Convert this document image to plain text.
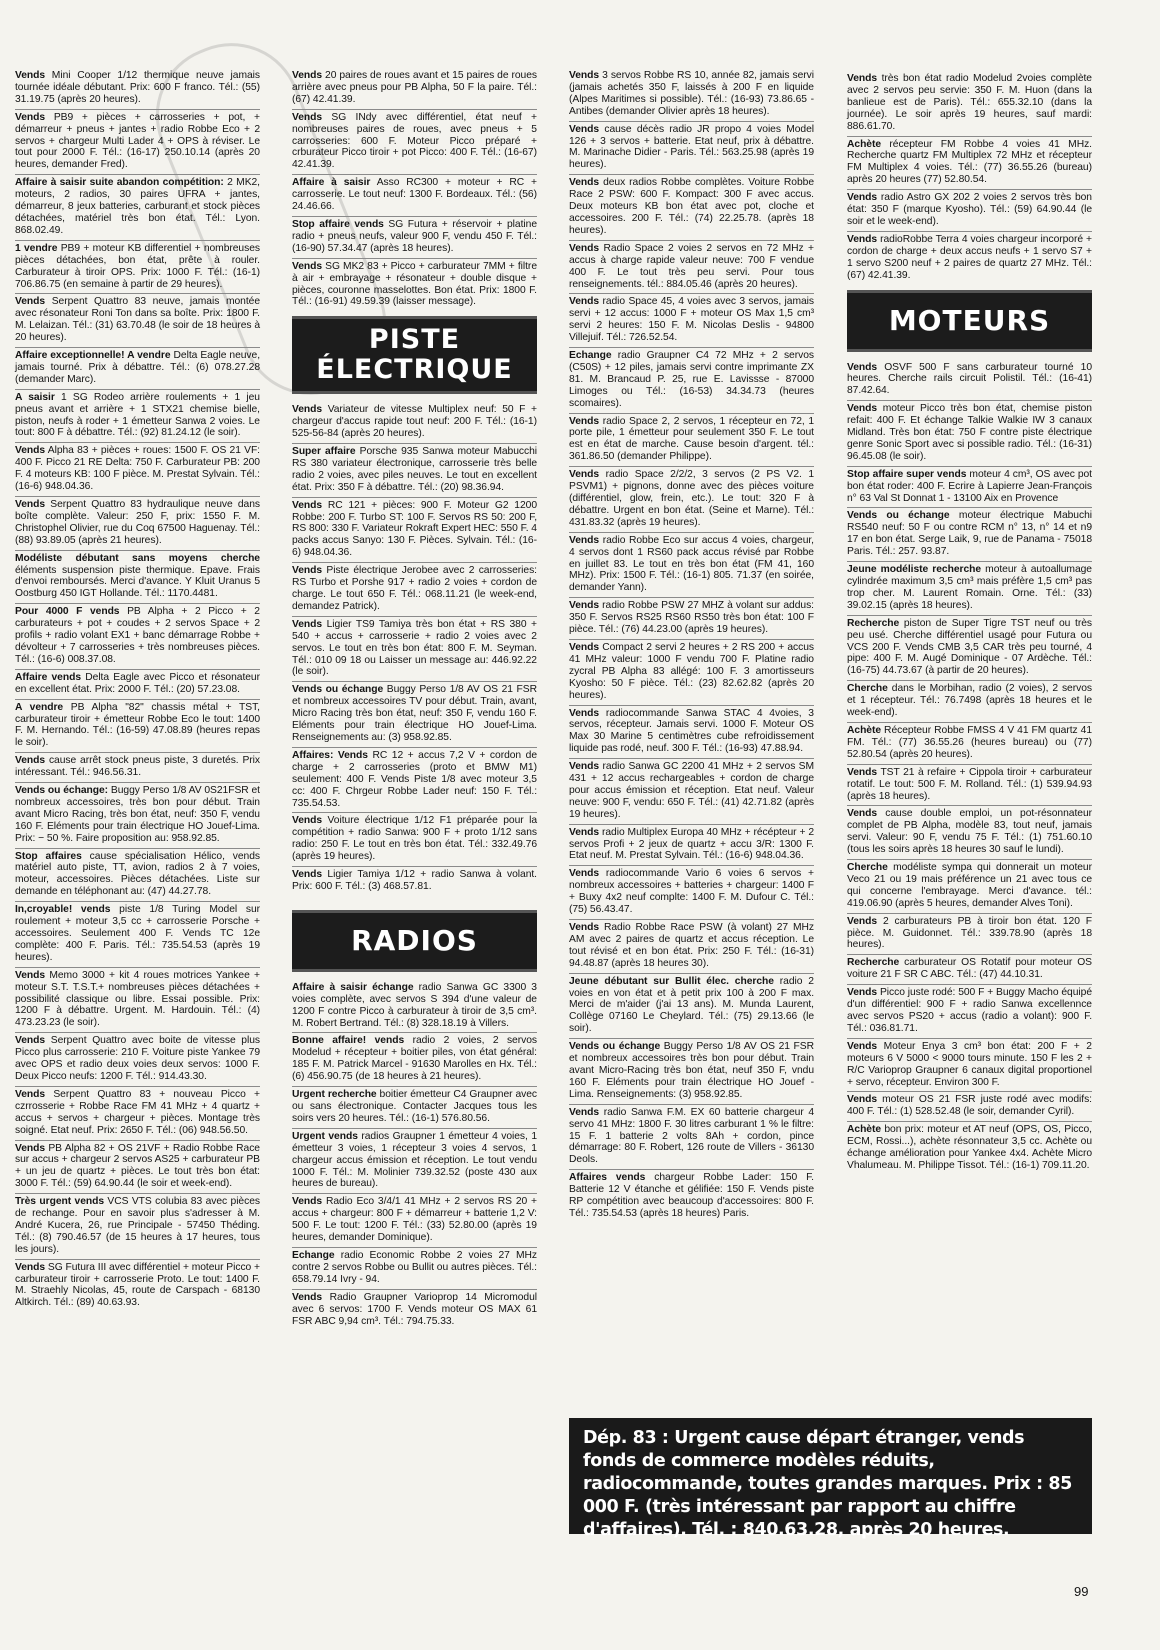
Vends Mini Cooper 1/12 thermique neuve jamais tournée idéale débutant. Prix: 600 F franco. Tél.: (55) 31.19.75 (après 20 heures).

Vends PB9 + pièces + carrosseries + pot, + démarreur + pneus + jantes + radio Robbe Eco + 2 servos + chargeur Multi Lader 4 + OPS à réviser. Le tout pour 2000 F. Tél.: (16-17) 250.10.14 (après 20 heures, demander Fred).

Affaire à saisir suite abandon compétition: 2 MK2, moteurs, 2 radios, 30 paires UFRA + jantes, démarreur, 8 jeux batteries, carburant et stock pièces détachées, matériel très bon état. Tél.: Lyon. 868.02.49.

1 vendre PB9 + moteur KB differentiel + nombreuses pièces détachées, bon état, prête à rouler. Carburateur à tiroir OPS. Prix: 1000 F. Tél.: (16-1) 706.86.75 (en semaine à partir de 29 heures).

Vends Serpent Quattro 83 neuve, jamais montée avec résonateur Roni Ton dans sa boîte. Prix: 1800 F. M. Lelaizan. Tél.: (31) 63.70.48 (le soir de 18 heures à 20 heures).

Affaire exceptionnelle! A vendre Delta Eagle neuve, jamais tourné. Prix à débattre. Tél.: (6) 078.27.28 (demander Marc).

A saisir 1 SG Rodeo arrière roulements + 1 jeu pneus avant et arrière + 1 STX21 chemise bielle, piston, neufs à roder + 1 émetteur Sanwa 2 voies. Le tout: 800 F à débattre. Tél.: (92) 81.24.12 (le soir).

Vends Alpha 83 + pièces + roues: 1500 F. OS 21 VF: 400 F. Picco 21 RE Delta: 750 F. Carburateur PB: 200 F. 4 moteurs KB: 100 F pièce. M. Prestat Sylvain. Tél.: (16-6) 948.04.36.

Vends Serpent Quattro 83 hydraulique neuve dans boîte complète. Valeur: 250 F, prix: 1550 F. M. Christophel Olivier, rue du Coq 67500 Haguenay. Tél.: (88) 93.89.05 (après 21 heures).

Modéliste débutant sans moyens cherche éléments suspension piste thermique. Epave. Frais d'envoi remboursés. Merci d'avance. Y Kluit Uranus 5 Oostburg 450 IGT Hollande. Tél.: 1170.4481.

Pour 4000 F vends PB Alpha + 2 Picco + 2 carburateurs + pot + coudes + 2 servos Space + 2 profils + radio volant EX1 + banc démarrage Robbe + dévolteur + 7 carrosseries + très nombreuses pièces. Tél.: (16-6) 008.37.08.

Affaire vends Delta Eagle avec Picco et résonateur en excellent état. Prix: 2000 F. Tél.: (20) 57.23.08.

A vendre PB Alpha "82" chassis métal + TST, carburateur tiroir + émetteur Robbe Eco le tout: 1400 F. M. Hernando. Tél.: (16-59) 47.08.89 (heures repas le soir).

Vends cause arrêt stock pneus piste, 3 duretés. Prix intéressant. Tél.: 946.56.31.

Vends ou échange: Buggy Perso 1/8 AV 0S21FSR et nombreux accessoires, très bon pour début. Train avant Micro Racing, très bon état, neuf: 350 F, vendu 160 F. Eléments pour train électrique HO Jouef-Lima. Prix: − 50 %. Faire proposition au: 958.92.85.

Stop affaires cause spécialisation Hélico, vends matériel auto piste, TT, avion, radios 2 à 7 voies, moteur, accessoires. Pièces détachées. Liste sur demande en téléphonant au: (47) 44.27.78.

In,croyable! vends piste 1/8 Turing Model sur roulement + moteur 3,5 cc + carrosserie Porsche + accessoires. Seulement 400 F. Vends TC 12e complète: 400 F. Paris. Tél.: 735.54.53 (après 19 heures).

Vends Memo 3000 + kit 4 roues motrices Yankee + moteur S.T. T.S.T.+ nombreuses pièces détachées + possibilité classique ou libre. Essai possible. Prix: 1200 F à débattre. Urgent. M. Hardouin. Tél.: (4) 473.23.23 (le soir).

Vends Serpent Quattro avec boite de vitesse plus Picco plus carrosserie: 210 F. Voiture piste Yankee 79 avec OPS et radio deux voies deux servos: 1000 F. Deux Picco neufs: 1200 F. Tél.: 914.43.30.

Vends Serpent Quattro 83 + nouveau Picco + czrrosserie + Robbe Race FM 41 MHz + 4 quartz + accus + servos + chargeur + pièces. Montage très soigné. Etat neuf. Prix: 2650 F. Tél.: (06) 948.56.50.

Vends PB Alpha 82 + OS 21VF + Radio Robbe Race sur accus + chargeur 2 servos AS25 + carburateur PB + un jeu de quartz + pièces. Le tout très bon état: 3000 F. Tél.: (59) 64.90.44 (le soir et week-end).

Très urgent vends VCS VTS colubia 83 avec pièces de rechange. Pour en savoir plus s'adresser à M. André Kucera, 26, rue Principale - 57450 Théding. Tél.: (8) 790.46.57 (de 15 heures à 17 heures, tous les jours).

Vends SG Futura III avec différentiel + moteur Picco + carburateur tiroir + carrosserie Proto. Le tout: 1400 F. M. Straehly Nicolas, 45, route de Carspach - 68130 Altkirch. Tél.: (89) 40.63.93.

Vends 20 paires de roues avant et 15 paires de roues arrière avec pneus pour PB Alpha, 50 F la paire. Tél.: (67) 42.41.39.

Vends SG INdy avec différentiel, état neuf + nombreuses paires de roues, avec pneus + 5 carrosseries: 600 F. Moteur Picco préparé + crburateur Picco tiroir + pot Picco: 400 F. Tél.: (16-67) 42.41.39.

Affaire à saisir Asso RC300 + moteur + RC + carrosserie. Le tout neuf: 1300 F. Bordeaux. Tél.: (56) 24.46.66.

Stop affaire vends SG Futura + réservoir + platine radio + pneus neufs, valeur 900 F, vendu 450 F. Tél.: (16-90) 57.34.47 (après 18 heures).

Vends SG MK2 83 + Picco + carburateur 7MM + filtre à air + embrayage + résonateur + double disque + pièces, couronne masselottes. Bon état. Prix: 1800 F. Tél.: (16-91) 49.59.39 (laisser message).

PISTE ÉLECTRIQUE

Vends Variateur de vitesse Multiplex neuf: 50 F + chargeur d'accus rapide tout neuf: 200 F. Tél.: (16-1) 525-56-84 (après 20 heures).

Super affaire Porsche 935 Sanwa moteur Mabucchi RS 380 variateur électronique, carrosserie très belle radio 2 voies, avec piles neuves. Le tout en excellent état. Prix: 350 F à débattre. Tél.: (20) 98.36.94.

Vends RC 121 + pièces: 900 F. Moteur G2 1200 Robbe: 200 F. Turbo ST: 100 F. Servos RS 50: 200 F, RS 800: 330 F. Variateur Rokraft Expert HEC: 550 F. 4 packs accus Sanyo: 130 F. Pièces. Sylvain. Tél.: (16-6) 948.04.36.

Vends Piste électrique Jerobee avec 2 carrosseries: RS Turbo et Porshe 917 + radio 2 voies + cordon de charge. Le tout 650 F. Tél.: 068.11.21 (le week-end, demandez Patrick).

Vends Ligier TS9 Tamiya très bon état + RS 380 + 540 + accus + carrosserie + radio 2 voies avec 2 servos. Le tout en très bon état: 800 F. M. Seyman. Tél.: 010 09 18 ou Laisser un message au: 446.92.22 (le soir).

Vends ou échange Buggy Perso 1/8 AV OS 21 FSR et nombreux accessoires TV pour début. Train, avant, Micro Racing très bon état, neuf: 350 F, vendu 160 F. Eléments pour train électrique HO Jouef-Lima. Renseignements au: (3) 958.92.85.

Affaires: Vends RC 12 + accus 7,2 V + cordon de charge + 2 carrosseries (proto et BMW M1) seulement: 400 F. Vends Piste 1/8 avec moteur 3,5 cc: 400 F. Chrgeur Robbe Lader neuf: 150 F. Tél.: 735.54.53.

Vends Voiture électrique 1/12 F1 préparée pour la compétition + radio Sanwa: 900 F + proto 1/12 sans radio: 250 F. Le tout en très bon état. Tél.: 332.49.76 (après 19 heures).

Vends Ligier Tamiya 1/12 + radio Sanwa à volant. Prix: 600 F. Tél.: (3) 468.57.81.

RADIOS

Affaire à saisir échange radio Sanwa GC 3300 3 voies complète, avec servos S 394 d'une valeur de 1200 F contre Picco à carburateur à tiroir de 3,5 cm³. M. Robert Bertrand. Tél.: (8) 328.18.19 à Villers.

Bonne affaire! vends radio 2 voies, 2 servos Modelud + récepteur + boitier piles, von état général: 185 F. M. Patrick Marcel - 91630 Marolles en Hx. Tél.: (6) 456.90.75 (de 18 heures à 21 heures).

Urgent recherche boitier émetteur C4 Graupner avec ou sans électronique. Contacter Jacques tous les soirs vers 20 heures. Tél.: (16-1) 576.80.56.

Urgent vends radios Graupner 1 émetteur 4 voies, 1 émetteur 3 voies, 1 récepteur 3 voies 4 servos, 1 chargeur accus émission et réception. Le tout vendu 1000 F. Tél.: M. Molinier 739.32.52 (poste 430 aux heures de bureau).

Vends Radio Eco 3/4/1 41 MHz + 2 servos RS 20 + accus + chargeur: 800 F + démarreur + batterie 1,2 V: 500 F. Le tout: 1200 F. Tél.: (33) 52.80.00 (après 19 heures, demander Dominique).

Echange radio Economic Robbe 2 voies 27 MHz contre 2 servos Robbe ou Bullit ou autres pièces. Tél.: 658.79.14 Ivry - 94.

Vends Radio Graupner Varioprop 14 Micromodul avec 6 servos: 1700 F. Vends moteur OS MAX 61 FSR ABC 9,94 cm³. Tél.: 794.75.33.

Vends 3 servos Robbe RS 10, année 82, jamais servi (jamais achetés 350 F, laissés à 200 F en liquide (Alpes Maritimes si possible). Tél.: (16-93) 73.86.65 - Antibes (demander Olivier après 18 heures).

Vends cause décès radio JR propo 4 voies Model 126 + 3 servos + batterie. Etat neuf, prix à débattre. M. Marinache Didier - Paris. Tél.: 563.25.98 (après 19 heures).

Vends deux radios Robbe complètes. Voiture Robbe Race 2 PSW: 600 F. Kompact: 300 F avec accus. Deux moteurs KB bon état avec pot, cloche et accessoires. 200 F. Tél.: (74) 22.25.78. (après 18 heures).

Vends Radio Space 2 voies 2 servos en 72 MHz + accus à charge rapide valeur neuve: 700 F vendue 400 F. Le tout très peu servi. Pour tous renseignements. tél.: 884.05.46 (après 20 heures).

Vends radio Space 45, 4 voies avec 3 servos, jamais servi + 12 accus: 1000 F + moteur OS Max 1,5 cm³ servi 2 heures: 150 F. M. Nicolas Deslis - 94800 Villejuif. Tél.: 726.52.54.

Echange radio Graupner C4 72 MHz + 2 servos (C50S) + 12 piles, jamais servi contre imprimante ZX 81. M. Brancaud P. 25, rue E. Lavissse - 87000 Limoges ou Tél.: (16-53) 34.34.73 (heures scomaires).

Vends radio Space 2, 2 servos, 1 récepteur en 72, 1 porte pile, 1 émetteur pour seulement 350 F. Le tout est en état de marche. Cause besoin d'argent. tél.: 361.86.50 (demander Philippe).

Vends radio Space 2/2/2, 3 servos (2 PS V2. 1 PSVM1) + pignons, donne avec des pièces voiture (différentiel, glow, frein, etc.). Le tout: 320 F à débattre. Urgent en bon état. (Seine et Marne). Tél.: 431.83.32 (après 19 heures).

Vends radio Robbe Eco sur accus 4 voies, chargeur, 4 servos dont 1 RS60 pack accus révisé par Robbe en juillet 83. Le tout en très bon état (FM 41, 160 MHz). Prix: 1500 F. Tél.: (16-1) 805. 71.37 (en soirée, demander Yann).

Vends radio Robbe PSW 27 MHZ à volant sur addus: 350 F. Servos RS25 RS60 RS50 très bon état: 100 F pièce. Tél.: (76) 44.23.00 (après 19 heures).

Vends Compact 2 servi 2 heures + 2 RS 200 + accus 41 MHz valeur: 1000 F vendu 700 F. Platine radio zycral PB Alpha 83 allégé: 100 F. 3 amortisseurs Kyosho: 50 F pièce. Tél.: (23) 82.62.82 (après 20 heures).

Vends radiocommande Sanwa STAC 4 4voies, 3 servos, récepteur. Jamais servi. 1000 F. Moteur OS Max 30 Marine 5 centimètres cube refroidissement liquide pas rodé, neuf. 300 F. Tél.: (16-93) 47.88.94.

Vends radio Sanwa GC 2200 41 MHz + 2 servos SM 431 + 12 accus rechargeables + cordon de charge pour accus émission et réception. Etat neuf. Valeur neuve: 900 F, vendu: 650 F. Tél.: (41) 42.71.82 (après 19 heures).

Vends radio Multiplex Europa 40 MHz + récépteur + 2 servos Profi + 2 jeux de quartz + accu 3/R: 1300 F. Etat neuf. M. Prestat Sylvain. Tél.: (16-6) 948.04.36.

Vends radiocommande Vario 6 voies 6 servos + nombreux accessoires + batteries + chargeur: 1400 F + Buxy 4x2 neuf complte: 1400 F. M. Dufour C. Tél.: (75) 56.43.47.

Vends Radio Robbe Race PSW (à volant) 27 MHz AM avec 2 paires de quartz et accus réception. Le tout révisé et en bon état. Prix: 250 F. Tél.: (16-31) 94.48.87 (après 18 heures 30).

Jeune débutant sur Bullit élec. cherche radio 2 voies en von état et à petit prix 100 à 200 F max. Merci de m'aider (j'ai 13 ans). M. Munda Laurent, Collège 07160 Le Cheylard. Tél.: (75) 29.13.66 (le soir).

Vends ou échange Buggy Perso 1/8 AV OS 21 FSR et nombreux accessoires très bon pour début. Train avant Micro-Racing très bon état, neuf 350 F, vndu 160 F. Eléments pour train électrique HO Jouef - Lima. Renseignements: (3) 958.92.85.

Vends radio Sanwa F.M. EX 60 batterie chargeur 4 servo 41 MHz: 1800 F. 30 litres carburant 1 % le filtre: 15 F. 1 batterie 2 volts 8Ah + cordon, pince démarrage: 80 F. Robert, 126 route de Villers - 36130 Deols.

Affaires vends chargeur Robbe Lader: 150 F. Batterie 12 V étanche et gélifiée: 150 F. Vends piste RP compétition avec beaucoup d'accessoires: 800 F. Tél.: 735.54.53 (après 18 heures) Paris.

Vends très bon état radio Modelud 2voies complète avec 2 servos peu servie: 350 F. M. Huon (dans la banlieue est de Paris). Tél.: 655.32.10 (dans la journée). Le soir après 19 heures, sauf mardi: 886.61.70.

Achète récepteur FM Robbe 4 voies 41 MHz. Recherche quartz FM Multiplex 72 MHz et récepteur FM Multiplex 4 voies. Tél.: (77) 36.55.26 (bureau) après 20 heures (77) 52.80.54.

Vends radio Astro GX 202 2 voies 2 servos très bon état: 350 F (marque Kyosho). Tél.: (59) 64.90.44 (le soir et le week-end).

Vends radioRobbe Terra 4 voies chargeur incorporé + cordon de charge + deux accus neufs + 1 servo S7 + 1 servo S200 neuf + 2 paires de quartz 27 MHz. Tél.: (67) 42.41.39.

MOTEURS

Vends OSVF 500 F sans carburateur tourné 10 heures. Cherche rails circuit Polistil. Tél.: (16-41) 87.42.64.

Vends moteur Picco très bon état, chemise piston refait: 400 F. Et échange Talkie Walkie IW 3 canaux Midland. Très bon état: 750 F contre piste électrique genre Sonic Sport avec si possible radio. Tél.: (16-31) 96.45.08 (le soir).

Stop affaire super vends moteur 4 cm³, OS avec pot bon état roder: 400 F. Ecrire à Lapierre Jean-François n° 63 Val St Donnat 1 - 13100 Aix en Provence

Vends ou échange moteur électrique Mabuchi RS540 neuf: 50 F ou contre RCM n° 13, n° 14 et n9 17 en bon état. Serge Laik, 9, rue de Panama - 75018 Paris. Tél.: 257. 93.87.

Jeune modéliste recherche moteur à autoallumage cylindrée maximum 3,5 cm³ mais préfère 1,5 cm³ pas trop cher. M. Laurent Romain. Orne. Tél.: (33) 39.02.15 (après 18 heures).

Recherche piston de Super Tigre TST neuf ou très peu usé. Cherche différentiel usagé pour Futura ou VCS 200 F. Vends CMB 3,5 CAR très peu tourné, 4 pipe: 400 F. M. Augé Dominique - 07 Ardèche. Tél.: (16-75) 44.73.67 (à partir de 20 heures).

Cherche dans le Morbihan, radio (2 voies), 2 servos et 1 récepteur. Tél.: 76.7498 (après 18 heures et le week-end).

Achète Récepteur Robbe FMSS 4 V 41 FM quartz 41 FM. Tél.: (77) 36.55.26 (heures bureau) ou (77) 52.80.54 (après 20 heures).

Vends TST 21 à refaire + Cippola tiroir + carburateur rotatif. Le tout: 500 F. M. Rolland. Tél.: (1) 539.94.93 (après 18 heures).

Vends cause double emploi, un pot-résonnateur complet de PB Alpha, modèle 83, tout neuf, jamais servi. Valeur: 90 F, vendu 75 F. Tél.: (1) 751.60.10 (tous les soirs après 18 heures 30 sauf le lundi).

Cherche modéliste sympa qui donnerait un moteur Veco 21 ou 19 mais préférence un 21 avec tous ce qui concerne l'embrayage. Merci d'avance. tél.: 419.06.90 (après 5 heures, demander Alves Toni).

Vends 2 carburateurs PB à tiroir bon état. 120 F pièce. M. Guidonnet. Tél.: 339.78.90 (après 18 heures).

Recherche carburateur OS Rotatif pour moteur OS voiture 21 F SR C ABC. Tél.: (47) 44.10.31.

Vends Picco juste rodé: 500 F + Buggy Macho équipé d'un différentiel: 900 F + radio Sanwa excellennce avec servos PS20 + accus (radio a volant): 900 F. Tél.: 036.81.71.

Vends Moteur Enya 3 cm³ bon état: 200 F + 2 moteurs 6 V 5000 < 9000 tours minute. 150 F les 2 + R/C Varioprop Graupner 6 canaux digital proportionel + servo, récepteur. Environ 300 F.

Vends moteur OS 21 FSR juste rodé avec modifs: 400 F. Tél.: (1) 528.52.48 (le soir, demander Cyril).

Achète bon prix: moteur et AT neuf (OPS, OS, Picco, ECM, Rossi...), achète résonnateur 3,5 cc. Achète ou échange amélioration pour Yankee 4x4. Achète Micro Vhalumeau. M. Philippe Tissot. Tél.: (16-1) 709.11.20.

Dép. 83 : Urgent cause départ étranger, vends fonds de commerce modèles réduits, radiocommande, toutes grandes marques. Prix : 85 000 F. (très intéressant par rapport au chiffre d'affaires). Tél. : 840.63.28, après 20 heures.
99
